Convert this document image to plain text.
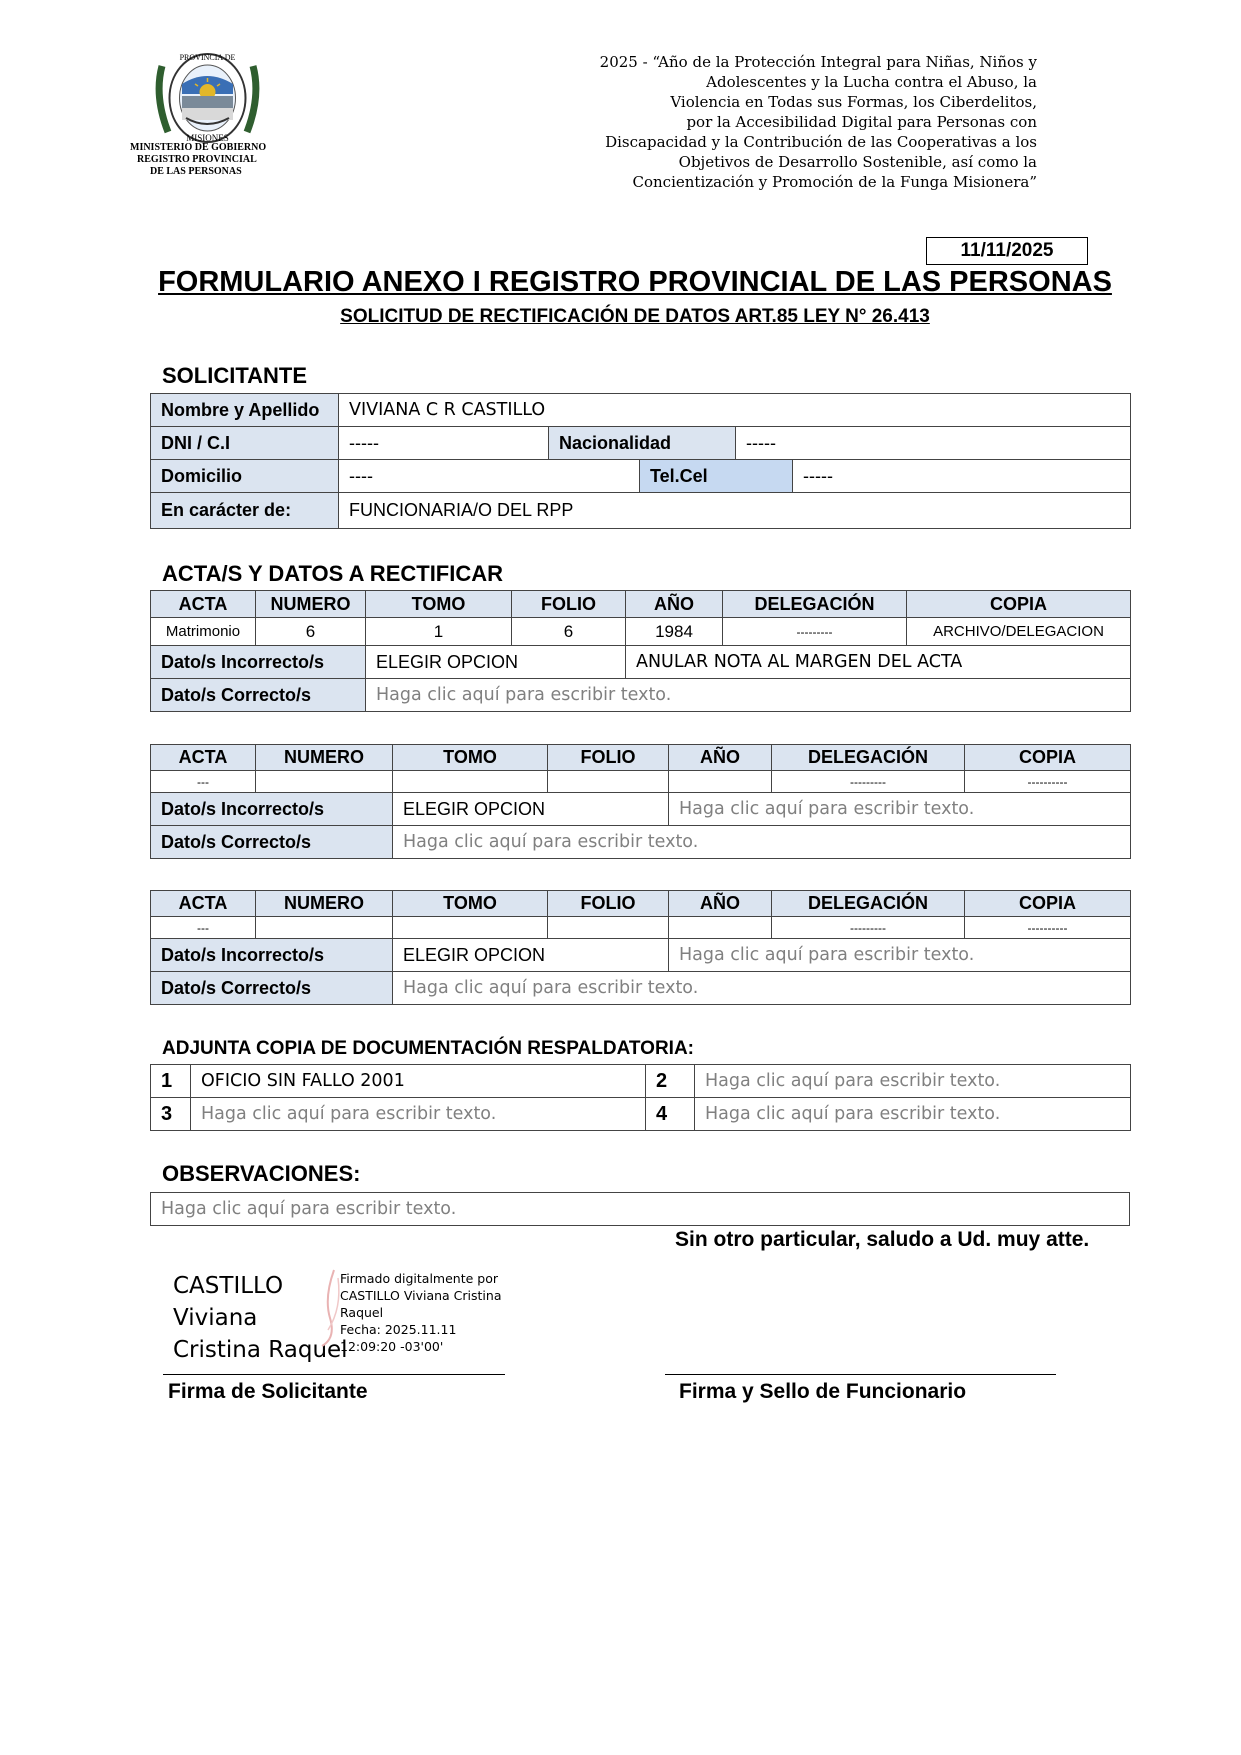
PROVINCIA DE
MISIONES
MINISTERIO DE GOBIERNO
REGISTRO PROVINCIAL
DE LAS PERSONAS
2025 - “Año de la Protección Integral para Niñas, Niños y
Adolescentes y la Lucha contra el Abuso, la
Violencia en Todas sus Formas, los Ciberdelitos,
por la Accesibilidad Digital para Personas con
Discapacidad y la Contribución de las Cooperativas a los
Objetivos de Desarrollo Sostenible, así como la
Concientización y Promoción de la Funga Misionera”
11/11/2025
FORMULARIO ANEXO I REGISTRO PROVINCIAL DE LAS PERSONAS
SOLICITUD DE RECTIFICACIÓN DE DATOS ART.85 LEY N° 26.413
SOLICITANTE
Nombre y Apellido	VIVIANA C R CASTILLO				
DNI / C.I	-----	Nacionalidad		-----	
Domicilio	----		Tel.Cel		-----
En carácter de:	FUNCIONARIA/O DEL RPP				
ACTA/S Y DATOS A RECTIFICAR
ACTA	NUMERO	TOMO	FOLIO	AÑO	DELEGACIÓN	COPIA
Matrimonio	6	1	6	1984	---------	ARCHIVO/DELEGACION
Dato/s Incorrecto/s		ELEGIR OPCION		ANULAR NOTA AL MARGEN DEL ACTA		
Dato/s Correcto/s		Haga clic aquí para escribir texto.				
ACTA	NUMERO	TOMO	FOLIO	AÑO	DELEGACIÓN	COPIA
---					---------	----------
Dato/s Incorrecto/s		ELEGIR OPCION		Haga clic aquí para escribir texto.		
Dato/s Correcto/s		Haga clic aquí para escribir texto.				
ACTA	NUMERO	TOMO	FOLIO	AÑO	DELEGACIÓN	COPIA
---					---------	----------
Dato/s Incorrecto/s		ELEGIR OPCION		Haga clic aquí para escribir texto.		
Dato/s Correcto/s		Haga clic aquí para escribir texto.				
ADJUNTA COPIA DE DOCUMENTACIÓN RESPALDATORIA:
1	OFICIO SIN FALLO 2001	2	Haga clic aquí para escribir texto.
3	Haga clic aquí para escribir texto.	4	Haga clic aquí para escribir texto.
OBSERVACIONES:
Haga clic aquí para escribir texto.
Sin otro particular, saludo a Ud. muy atte.
CASTILLO
Viviana
Cristina Raquel
Firmado digitalmente por
CASTILLO Viviana Cristina
Raquel
Fecha: 2025.11.11
12:09:20 -03'00'
Firma de Solicitante	Firma y Sello de Funcionario
